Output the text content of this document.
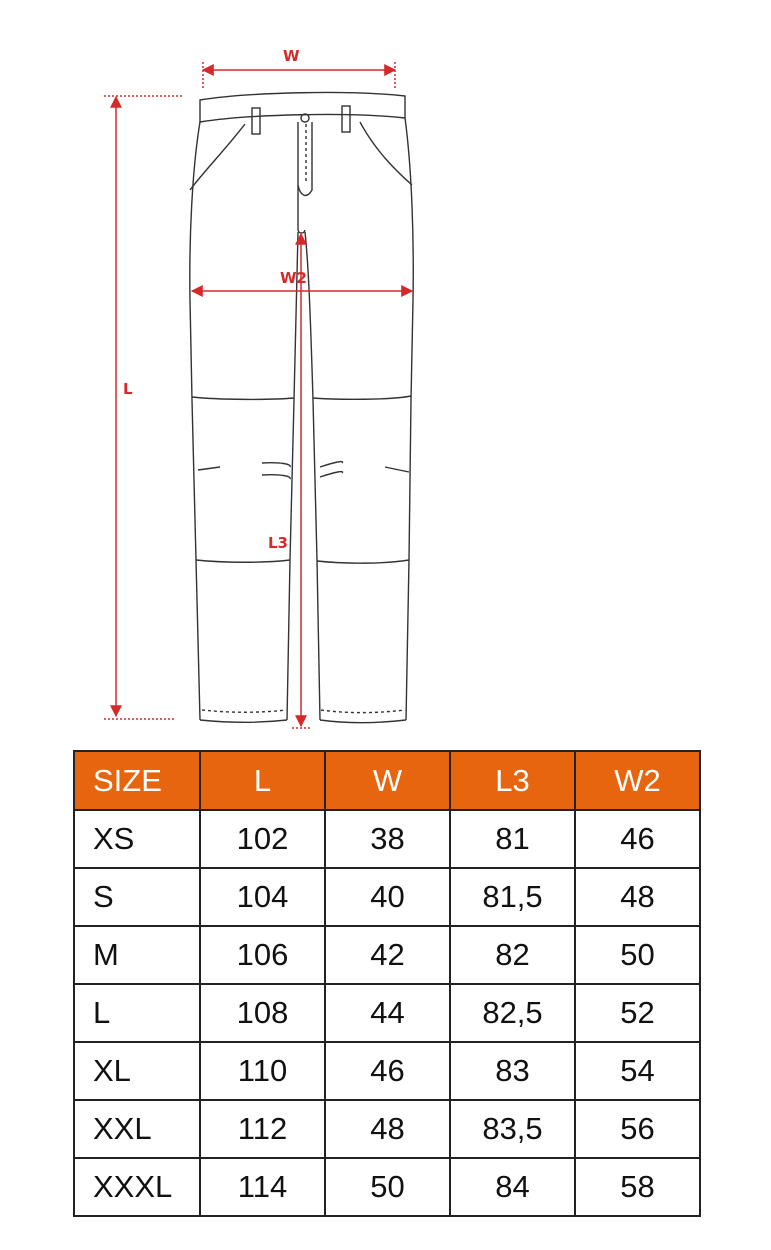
W
W2
L
L3
SIZE	L	W	L3	W2
XS	102	38	81	46
S	104	40	81,5	48
M	106	42	82	50
L	108	44	82,5	52
XL	110	46	83	54
XXL	112	48	83,5	56
XXXL	114	50	84	58
